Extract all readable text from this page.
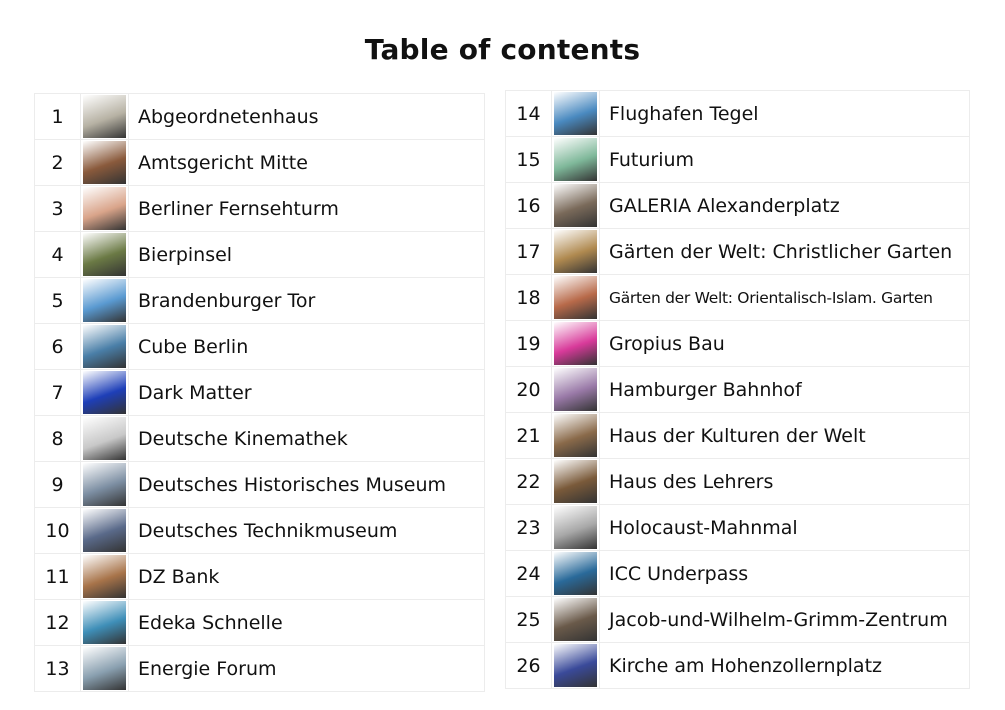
Table of contents
1		Abgeordnetenhaus
2		Amtsgericht Mitte
3		Berliner Fernsehturm
4		Bierpinsel
5		Brandenburger Tor
6		Cube Berlin
7		Dark Matter
8		Deutsche Kinemathek
9		Deutsches Historisches Museum
10		Deutsches Technikmuseum
11		DZ Bank
12		Edeka Schnelle
13		Energie Forum
14		Flughafen Tegel
15		Futurium
16		GALERIA Alexanderplatz
17		Gärten der Welt: Christlicher Garten
18		Gärten der Welt: Orientalisch-Islam. Garten
19		Gropius Bau
20		Hamburger Bahnhof
21		Haus der Kulturen der Welt
22		Haus des Lehrers
23		Holocaust-Mahnmal
24		ICC Underpass
25		Jacob-und-Wilhelm-Grimm-Zentrum
26		Kirche am Hohenzollernplatz
